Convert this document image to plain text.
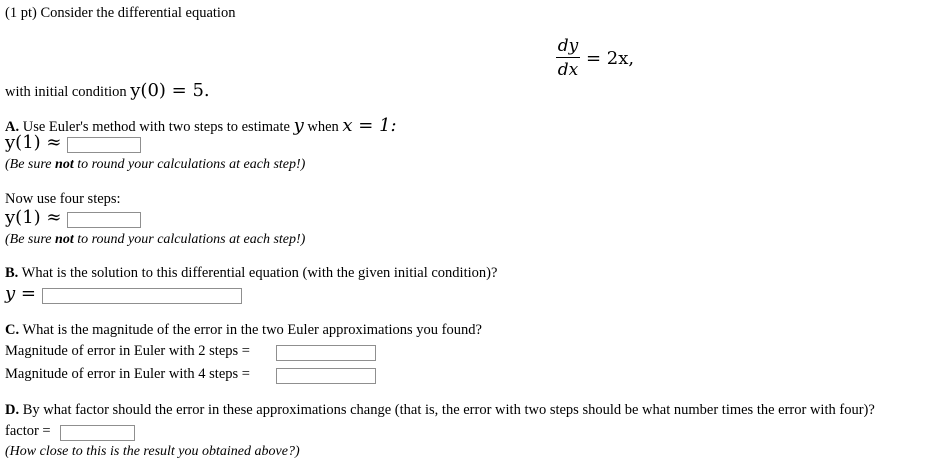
(1 pt) Consider the differential equation
dy
dx
= 2x,
with initial condition y(0) = 5.
A. Use Euler's method with two steps to estimate y when x = 1:
y(1) ≈
(Be sure not to round your calculations at each step!)
Now use four steps:
y(1) ≈
(Be sure not to round your calculations at each step!)
B. What is the solution to this differential equation (with the given initial condition)?
y =
C. What is the magnitude of the error in the two Euler approximations you found?
Magnitude of error in Euler with 2 steps =
Magnitude of error in Euler with 4 steps =
D. By what factor should the error in these approximations change (that is, the error with two steps should be what number times the error with four)?
factor =
(How close to this is the result you obtained above?)
